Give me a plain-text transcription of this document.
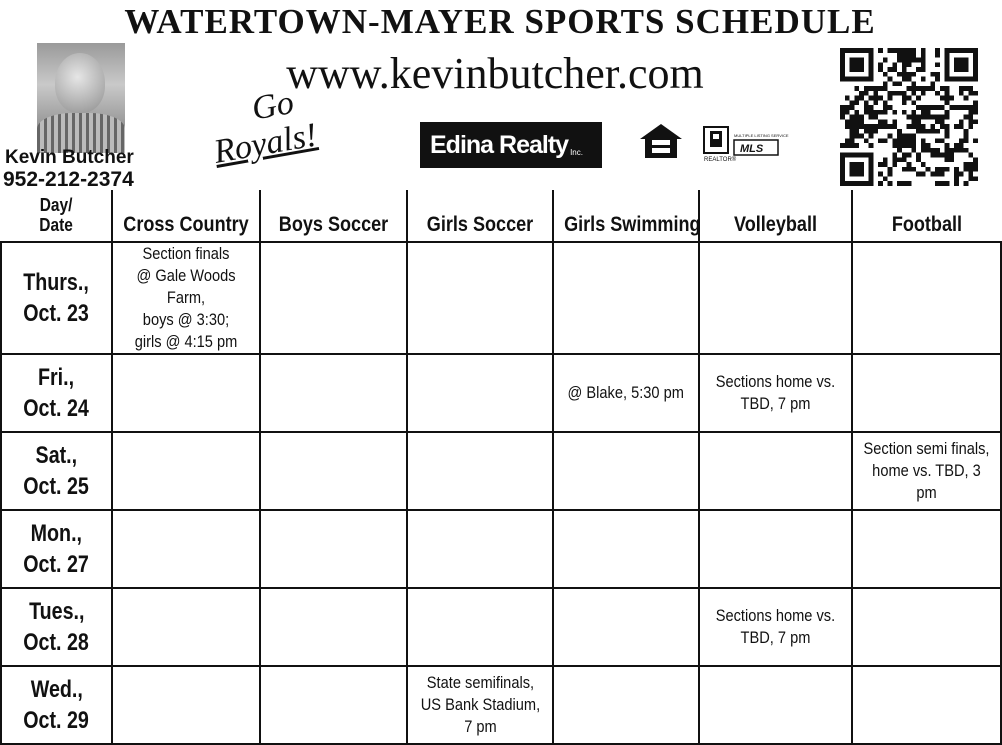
WATERTOWN-MAYER SPORTS SCHEDULE
www.kevinbutcher.com
Kevin Butcher
952-212-2374
Go
Royals!	Edina Realty Inc.
REALTOR®
MULTIPLE LISTING SERVICE
MLS
Day/
Date	Cross Country	Boys Soccer	Girls Soccer	Girls Swimming	Volleyball	Football
Thurs.,
Oct. 23	Section finals
@ Gale Woods Farm,
boys @ 3:30;
girls @ 4:15 pm					
Fri.,
Oct. 24				@ Blake, 5:30 pm	Sections home vs.
TBD, 7 pm	
Sat.,
Oct. 25						Section semi finals,
home vs. TBD, 3 pm
Mon.,
Oct. 27						
Tues.,
Oct. 28					Sections home vs.
TBD, 7 pm	
Wed.,
Oct. 29			State semifinals,
US Bank Stadium,
7 pm			
